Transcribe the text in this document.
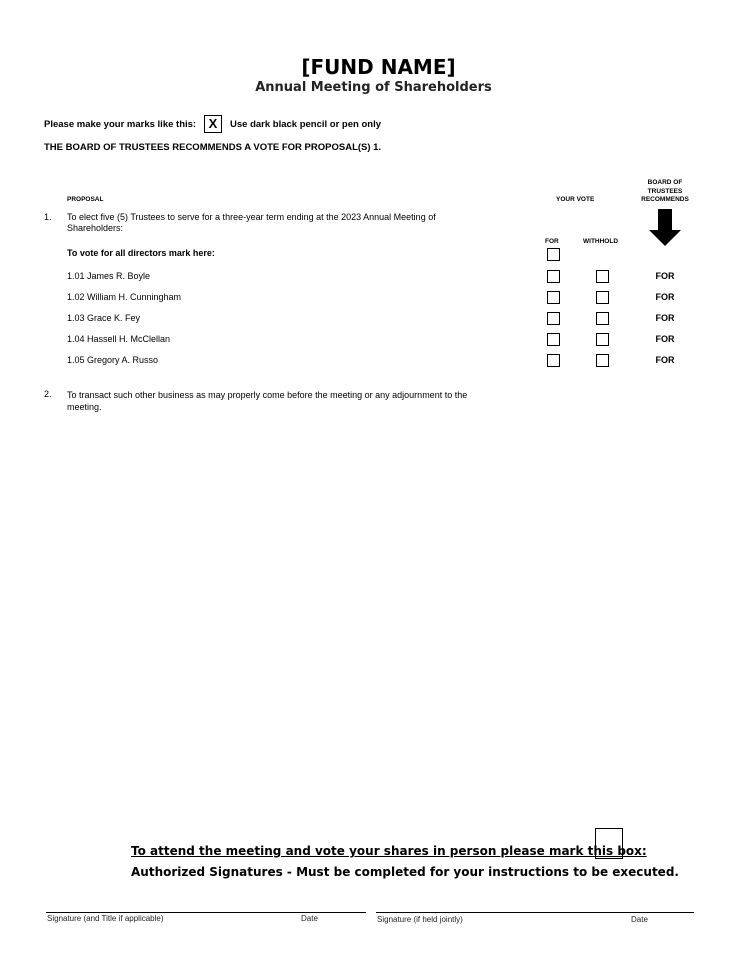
[FUND NAME]
Annual Meeting of Shareholders
Please make your marks like this: X	Use dark black pencil or pen only
THE BOARD OF TRUSTEES RECOMMENDS A VOTE FOR PROPOSAL(S) 1.
PROPOSAL	YOUR VOTE
BOARD OF
TRUSTEES
RECOMMENDS
1. To elect five (5) Trustees to serve for a three-year term ending at the 2023 Annual Meeting of
Shareholders:
FOR	WITHHOLD
To vote for all directors mark here:
1.01 James R. Boyle	FOR
1.02 William H. Cunningham	FOR
1.03 Grace K. Fey	FOR
1.04 Hassell H. McClellan	FOR
1.05 Gregory A. Russo	FOR
2. To transact such other business as may properly come before the meeting or any adjournment to the
meeting.
To attend the meeting and vote your shares in person please mark this box:
Authorized Signatures - Must be completed for your instructions to be executed.
Signature (and Title if applicable)	Date	Signature (if held jointly)	Date
